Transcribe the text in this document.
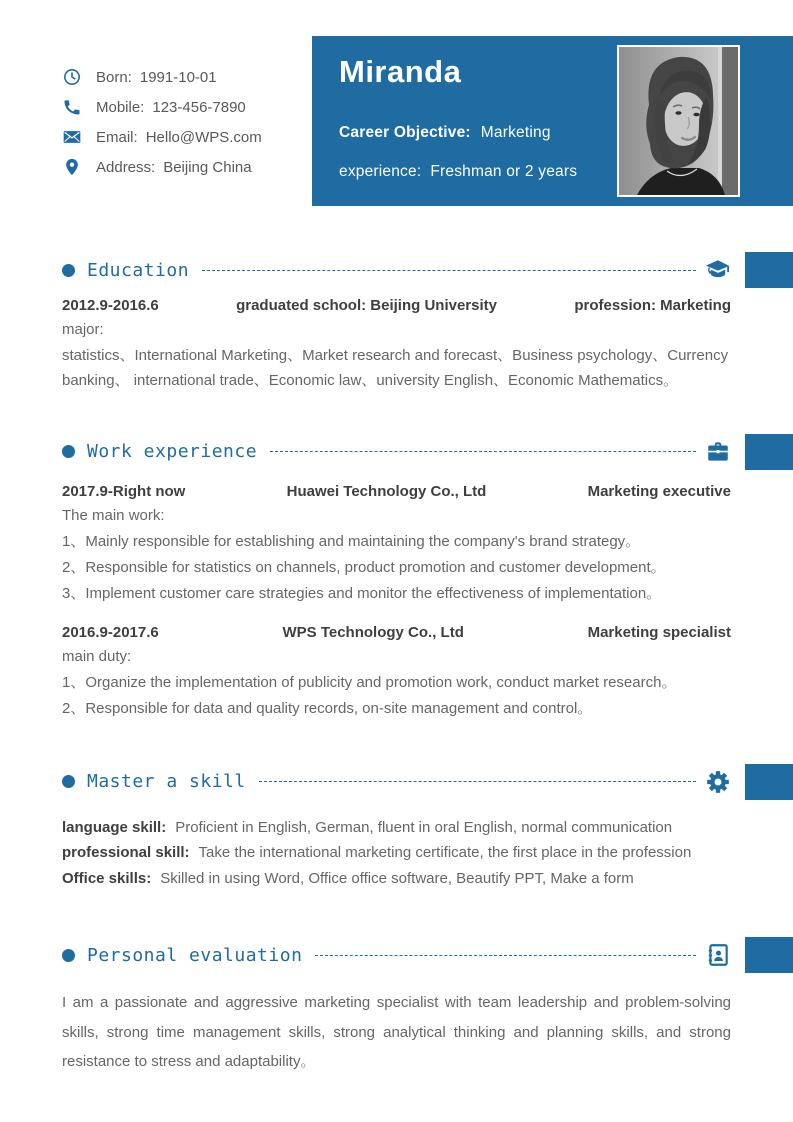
Born: 1991-10-01
Mobile: 123-456-7890
Email: Hello@WPS.com
Address: Beijing China
Miranda
Career Objective: Marketing
experience: Freshman or 2 years
Education
2012.9-2016.6	graduated school: Beijing University	profession: Marketing
major:
statistics、International Marketing、Market research and forecast、Business psychology、Currency banking、 international trade、Economic law、university English、Economic Mathematics。
Work experience
2017.9-Right now	Huawei Technology Co., Ltd	Marketing executive
The main work:
1、Mainly responsible for establishing and maintaining the company's brand strategy。
2、Responsible for statistics on channels, product promotion and customer development。
3、Implement customer care strategies and monitor the effectiveness of implementation。
2016.9-2017.6	WPS Technology Co., Ltd	Marketing specialist
main duty:
1、Organize the implementation of publicity and promotion work, conduct market research。
2、Responsible for data and quality records, on-site management and control。
Master a skill
language skill: Proficient in English, German, fluent in oral English, normal communication
professional skill: Take the international marketing certificate, the first place in the profession
Office skills: Skilled in using Word, Office office software, Beautify PPT, Make a form
Personal evaluation
I am a passionate and aggressive marketing specialist with team leadership and problem-solving skills, strong time management skills, strong analytical thinking and planning skills, and strong resistance to stress and adaptability。
